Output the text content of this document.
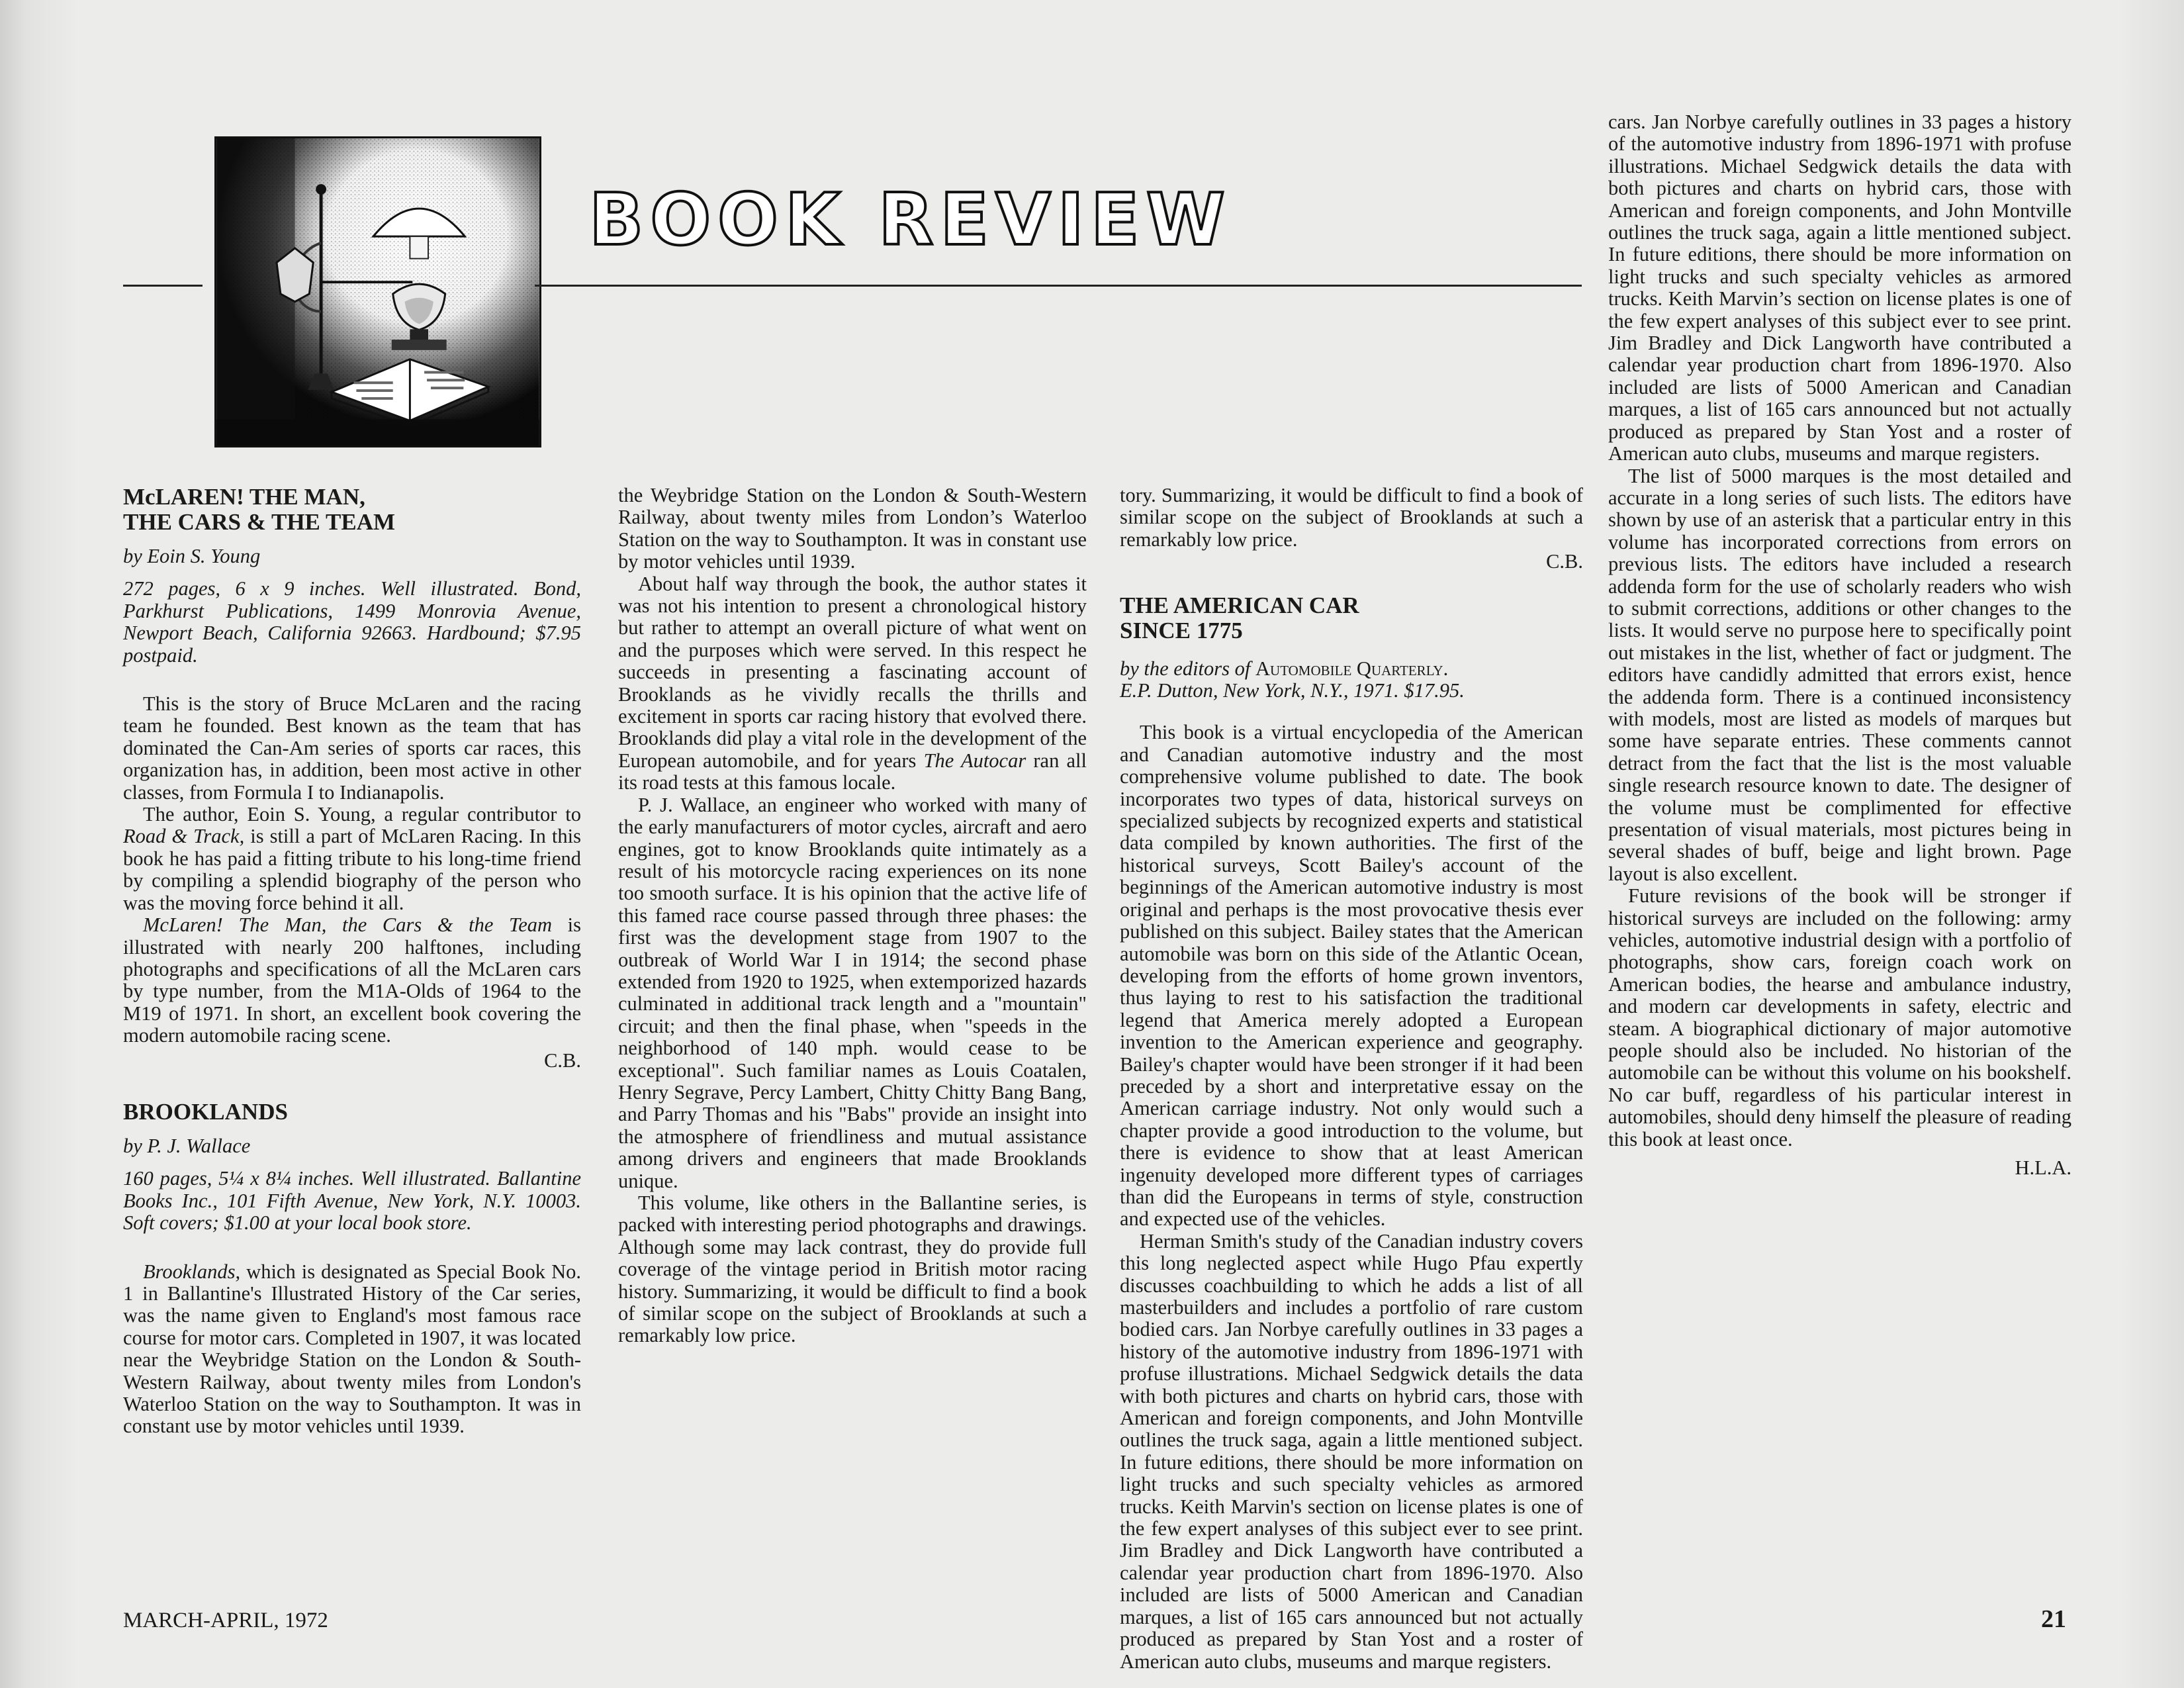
BOOK REVIEW
McLAREN! THE MAN,
THE CARS & THE TEAM
by Eoin S. Young
272 pages, 6 x 9 inches. Well illustrated. Bond, Parkhurst Publications, 1499 Monrovia Avenue, Newport Beach, California 92663. Hardbound; $7.95 postpaid.

This is the story of Bruce McLaren and the racing team he founded. Best known as the team that has dominated the Can-Am series of sports car races, this organization has, in addition, been most active in other classes, from Formula I to Indianapolis.

The author, Eoin S. Young, a regular contributor to Road & Track, is still a part of McLaren Racing. In this book he has paid a fitting tribute to his long-time friend by compiling a splendid biography of the person who was the moving force behind it all.

McLaren! The Man, the Cars & the Team is illustrated with nearly 200 halftones, including photographs and specifications of all the McLaren cars by type number, from the M1A-Olds of 1964 to the M19 of 1971. In short, an excellent book covering the modern automobile racing scene.

C.B.
BROOKLANDS
by P. J. Wallace
160 pages, 5¼ x 8¼ inches. Well illustrated. Ballantine Books Inc., 101 Fifth Avenue, New York, N.Y. 10003. Soft covers; $1.00 at your local book store.

Brooklands, which is designated as Special Book No. 1 in Ballantine's Illustrated History of the Car series, was the name given to England's most famous race course for motor cars. Completed in 1907, it was located near the Weybridge Station on the London & South-Western Railway, about twenty miles from London's Waterloo Station on the way to Southampton. It was in constant use by motor vehicles until 1939.

the Weybridge Station on the London & South-Western Railway, about twenty miles from London’s Waterloo Station on the way to Southampton. It was in constant use by motor vehicles until 1939.

About half way through the book, the author states it was not his intention to present a chronological history but rather to attempt an overall picture of what went on and the purposes which were served. In this respect he succeeds in presenting a fascinating account of Brooklands as he vividly recalls the thrills and excitement in sports car racing history that evolved there. Brooklands did play a vital role in the development of the European automobile, and for years The Autocar ran all its road tests at this famous locale.

P. J. Wallace, an engineer who worked with many of the early manufacturers of motor cycles, aircraft and aero engines, got to know Brooklands quite intimately as a result of his motorcycle racing experiences on its none too smooth surface. It is his opinion that the active life of this famed race course passed through three phases: the first was the development stage from 1907 to the outbreak of World War I in 1914; the second phase extended from 1920 to 1925, when extemporized hazards culminated in additional track length and a "mountain" circuit; and then the final phase, when "speeds in the neighborhood of 140 mph. would cease to be exceptional". Such familiar names as Louis Coatalen, Henry Segrave, Percy Lambert, Chitty Chitty Bang Bang, and Parry Thomas and his "Babs" provide an insight into the atmosphere of friendliness and mutual assistance among drivers and engineers that made Brooklands unique.

This volume, like others in the Ballantine series, is packed with interesting period photographs and drawings. Although some may lack contrast, they do provide full coverage of the vintage period in British motor racing history. Summarizing, it would be difficult to find a book of similar scope on the subject of Brooklands at such a remarkably low price.

tory. Summarizing, it would be difficult to find a book of similar scope on the subject of Brooklands at such a remarkably low price.

C.B.
THE AMERICAN CAR
SINCE 1775
by the editors of Automobile Quarterly.
E.P. Dutton, New York, N.Y., 1971. $17.95.

This book is a virtual encyclopedia of the American and Canadian automotive industry and the most comprehensive volume published to date. The book incorporates two types of data, historical surveys on specialized subjects by recognized experts and statistical data compiled by known authorities. The first of the historical surveys, Scott Bailey's account of the beginnings of the American automotive industry is most original and perhaps is the most provocative thesis ever published on this subject. Bailey states that the American automobile was born on this side of the Atlantic Ocean, developing from the efforts of home grown inventors, thus laying to rest to his satisfaction the traditional legend that America merely adopted a European invention to the American experience and geography. Bailey's chapter would have been stronger if it had been preceded by a short and interpretative essay on the American carriage industry. Not only would such a chapter provide a good introduction to the volume, but there is evidence to show that at least American ingenuity developed more different types of carriages than did the Europeans in terms of style, construction and expected use of the vehicles.

Herman Smith's study of the Canadian industry covers this long neglected aspect while Hugo Pfau expertly discusses coachbuilding to which he adds a list of all masterbuilders and includes a portfolio of rare custom bodied cars. Jan Norbye carefully outlines in 33 pages a history of the automotive industry from 1896-1971 with profuse illustrations. Michael Sedgwick details the data with both pictures and charts on hybrid cars, those with American and foreign components, and John Montville outlines the truck saga, again a little mentioned subject. In future editions, there should be more information on light trucks and such specialty vehicles as armored trucks. Keith Marvin's section on license plates is one of the few expert analyses of this subject ever to see print. Jim Bradley and Dick Langworth have contributed a calendar year production chart from 1896-1970. Also included are lists of 5000 American and Canadian marques, a list of 165 cars announced but not actually produced as prepared by Stan Yost and a roster of American auto clubs, museums and marque registers.

cars. Jan Norbye carefully outlines in 33 pages a history of the automotive industry from 1896-1971 with profuse illustrations. Michael Sedgwick details the data with both pictures and charts on hybrid cars, those with American and foreign components, and John Montville outlines the truck saga, again a little mentioned subject. In future editions, there should be more information on light trucks and such specialty vehicles as armored trucks. Keith Marvin’s section on license plates is one of the few expert analyses of this subject ever to see print. Jim Bradley and Dick Langworth have contributed a calendar year production chart from 1896-1970. Also included are lists of 5000 American and Canadian marques, a list of 165 cars announced but not actually produced as prepared by Stan Yost and a roster of American auto clubs, museums and marque registers.

The list of 5000 marques is the most detailed and accurate in a long series of such lists. The editors have shown by use of an asterisk that a particular entry in this volume has incorporated corrections from errors on previous lists. The editors have included a research addenda form for the use of scholarly readers who wish to submit corrections, additions or other changes to the lists. It would serve no purpose here to specifically point out mistakes in the list, whether of fact or judgment. The editors have candidly admitted that errors exist, hence the addenda form. There is a continued inconsistency with models, most are listed as models of marques but some have separate entries. These comments cannot detract from the fact that the list is the most valuable single research resource known to date. The designer of the volume must be complimented for effective presentation of visual materials, most pictures being in several shades of buff, beige and light brown. Page layout is also excellent.

Future revisions of the book will be stronger if historical surveys are included on the following: army vehicles, automotive industrial design with a portfolio of photographs, show cars, foreign coach work on American bodies, the hearse and ambulance industry, and modern car developments in safety, electric and steam. A biographical dictionary of major automotive people should also be included. No historian of the automobile can be without this volume on his bookshelf. No car buff, regardless of his particular interest in automobiles, should deny himself the pleasure of reading this book at least once.

H.L.A.
MARCH-APRIL, 1972	21
